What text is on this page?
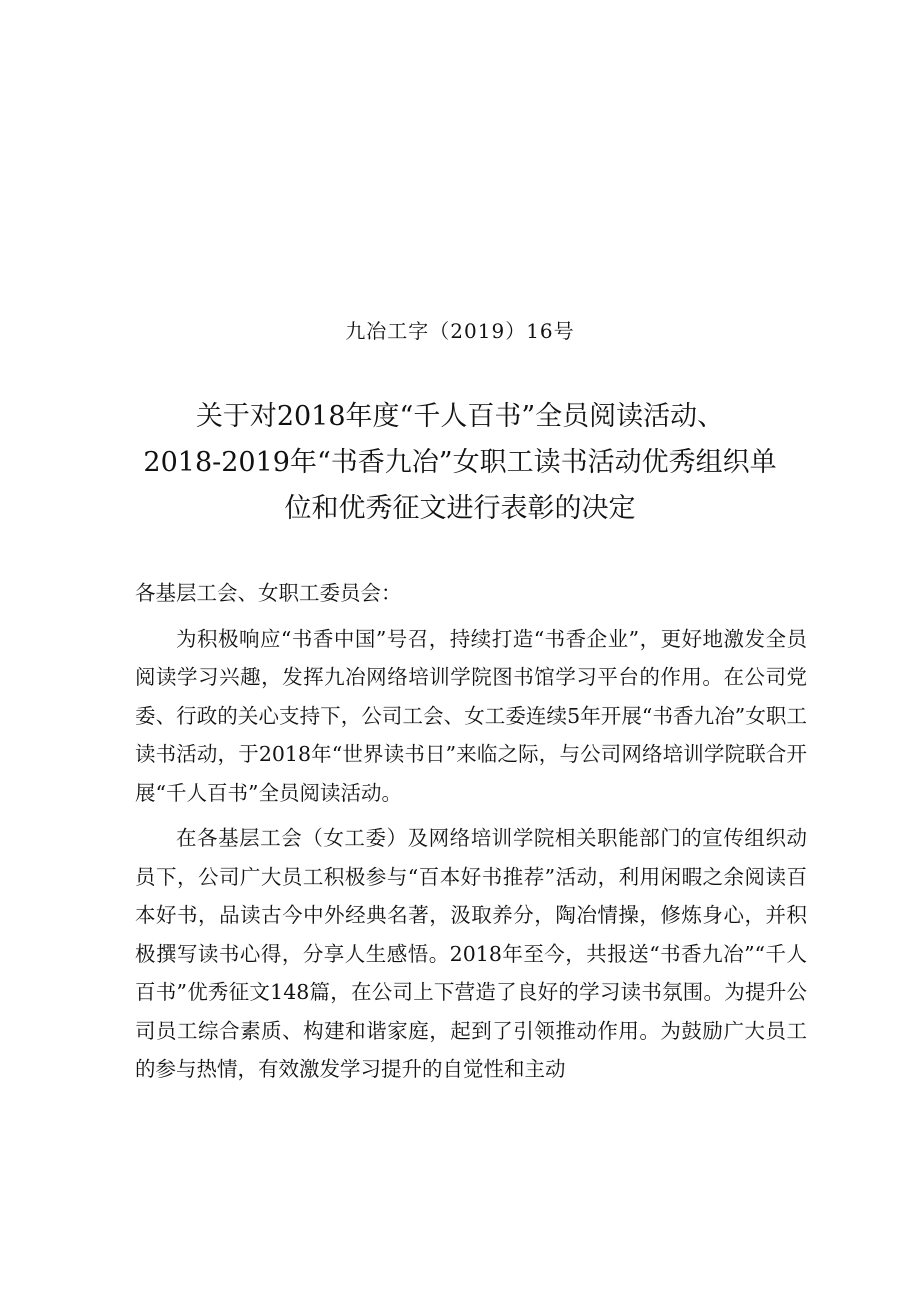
九冶工字（2019）16号
关于对2018年度“千人百书”全员阅读活动、
2018-2019年“书香九冶”女职工读书活动优秀组织单
位和优秀征文进行表彰的决定

各基层工会、女职工委员会：

为积极响应“书香中国”号召，持续打造“书香企业”，更好地激发全员阅读学习兴趣，发挥九冶网络培训学院图书馆学习平台的作用。在公司党委、行政的关心支持下，公司工会、女工委连续5年开展“书香九冶”女职工读书活动，于2018年“世界读书日”来临之际，与公司网络培训学院联合开展“千人百书”全员阅读活动。

在各基层工会（女工委）及网络培训学院相关职能部门的宣传组织动员下，公司广大员工积极参与“百本好书推荐”活动，利用闲暇之余阅读百本好书，品读古今中外经典名著，汲取养分，陶冶情操，修炼身心，并积极撰写读书心得，分享人生感悟。2018年至今，共报送“书香九冶”“千人百书”优秀征文148篇，在公司上下营造了良好的学习读书氛围。为提升公司员工综合素质、构建和谐家庭，起到了引领推动作用。为鼓励广大员工的参与热情，有效激发学习提升的自觉性和主动
